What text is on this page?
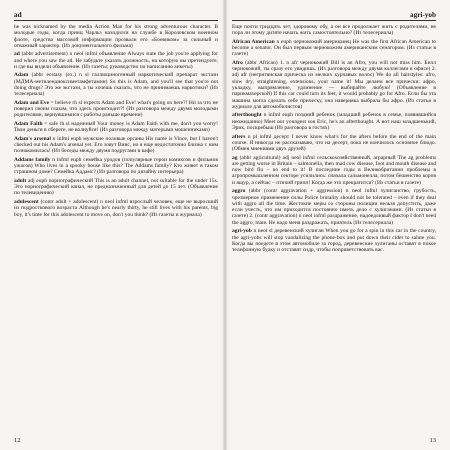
ad

he was nicknamed by the media Action Man for his strong adventurous character. В молодые годы, когда принц Чарльз находился на службе в Королевском военном флоте, средства массовой информации прозвали его «Боевиком» за сильный и отважный характер. (Из документального фильма)

ad (abbr advertisement) n neol infml объявление Always state the job you're applying for and where you saw the ad. Не забудьте указать должность, на которую вы претендуете, и где вы видели объявление. (Из газеты; руководство по написанию анкеты)

Adam (abbr ecstasy (ex.) n sl галлюциногенный наркотический препарат экстази (МДМА-метилендиоксиметамфетамин) So this is Adam, and you'll see that you're not doing drugs? Это же экстази, а ты хочешь сказать, что не принимаешь наркотики? (Из телесериала)

Adam and Eve = believe rh sl expects Adam and Eve! what's going on here?! Ни за что не поверил своим глазам, что здесь происходит?! (Из разговора между двумя молодыми родителями, вернувшимися с работы раньше времени)

Adam Faith = safe rh sl надежный Your money is Adam Faith with me, don't you worry! Твои деньги в сбереге, не волнуйся! (Из разговора между матерыми мошенниками)

Adam's arsenal n infml euph мужские половые органы His name is Vince, but I haven't checked out his Adam's arsenal yet. Его зовут Винс, но я еще недостаточно близко с ним познакомилась! (Из беседы между двумя подругами в кафе)

Addams family n infml euph семейка уродов (популярные герои комиксов и фильмов ужасов) Who lives in a spooky house like this? The Addams family? Кто живет в таком страшном доме? Семейка Аддамс? (Из разговора по дизайну интерьера)

adult adj euph порнографический This is an adult channel, not suitable for the under 15s. Это порнографический канал, не предназначенный для детей до 15 лет. (Объявление по телевидению)

adulescent (contr adult + adolescent) n neol infml взрослый человек, еще не выросший из подросткового возраста Although he's nearly thirty, he still lives with his parents, big boy, it's time for this adolescent to move on, don't you think? (Из газеты и журнала)

12
agri-yob

Еще почти тридцать лет, здоровому обу, а он все продолжает жить с родителями, не пора ли этому дитяте начать жить самостоятельно? (Из телесериала)

African American n euph чернокожий американец He was the first African American to become a senator. Он был первым чернокожим американским сенатором. (Из статьи в газете)

Afro (abbr African) 1. n afr чернокожий Bill is an Afro, you will not miss him. Билл чернокожий, ты сразу его увидишь. (Из разговора между двумя коллегами в офисе) 2. adj afr (негритянская прическа из мелких курчавых волос) We do all hairstyles: afro, slow dry, straightening, extensions, your name it! Мы делаем все прически: афро, укладку, выпрямление, удлинение — выбирайте любую! (Объявление в парикмахерской) If this car could turn its feet, it would probably go for Afro. Если бы эта машина могла сделать себе прическу, она наверняка выбрала бы афро. (Из статьи в журнале для автомобилистов)

afterthought n infml euph поздний ребенок (младший ребенок в семье, появившийся неожиданно) Meet our youngest son Eric, he's an afterthought. А вот наш младшенький, Эрик, поскребыш (Из разговора в гостях)

afters n pl infml десерт I never know what's for the afters before the end of the main course. Я никогда не рассказываю, что на десерт, пока не кончилось основное блюдо. (Обмен мнениями двух друзей)

ag (abbr agricultural) adj neol infml сельскохозяйственный, аграрный The ag problems are getting worse in Britain – salmonella, then mad cow disease, foot and mouth disease and now bird flu – no end to it! В последние годы в Великобритании проблемы в агропромышленном секторе усилились: сначала сальмонелла, потом бешенство коров и ящур, а сейчас – птичий грипп! Когда же это прекратится? (Из статьи в газете)

aggro (abbr (contr aggravation + aggression) n neol infml хулиганство, грубость, чрезмерное применение силы Police brutality should not be tolerated – even if they deal with aggro all the time. Жестокие меры со стороны полиции нельзя допустить, даже если учесть, что им приходится постоянно иметь дело с хулиганами. (Из статьи в газете) 2. (contr aggravation) n neol infml раздражение, надоедливый фактор I don't need the aggro, mate. Не надо меня раздражать, приятель (Из телесериала)

agri-yob n neol sl деревенский хулиган When you go for a spin in this car in the country, the agri-yobs will stop vandalizing the phone-box and put down their cider to salute you. Когда вы поедете в этом автомобиле за город, деревенские хулиганы оставят в покое телефонную будку и отставят сидр, чтобы поприветствовать вас.

13
